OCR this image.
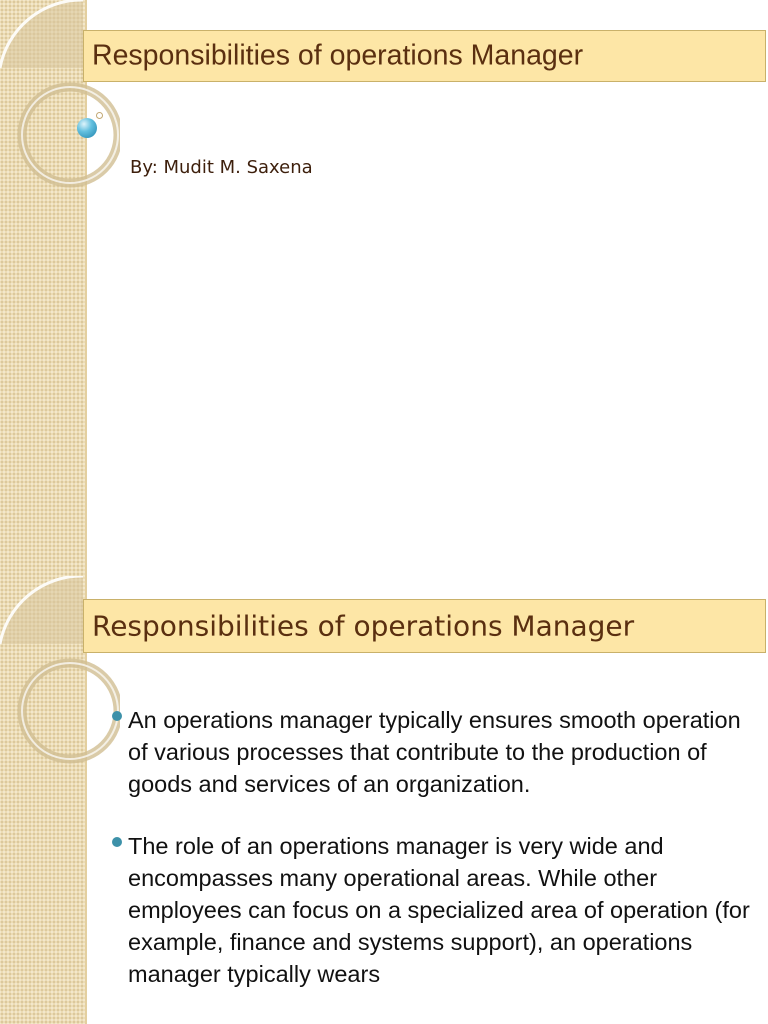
Responsibilities of operations Manager
By: Mudit M. Saxena
Responsibilities of operations Manager
An operations manager typically ensures smooth operation of various processes that contribute to the production of goods and services of an organization.
The role of an operations manager is very wide and encompasses many operational areas. While other employees can focus on a specialized area of operation (for example, finance and systems support), an operations manager typically wears
